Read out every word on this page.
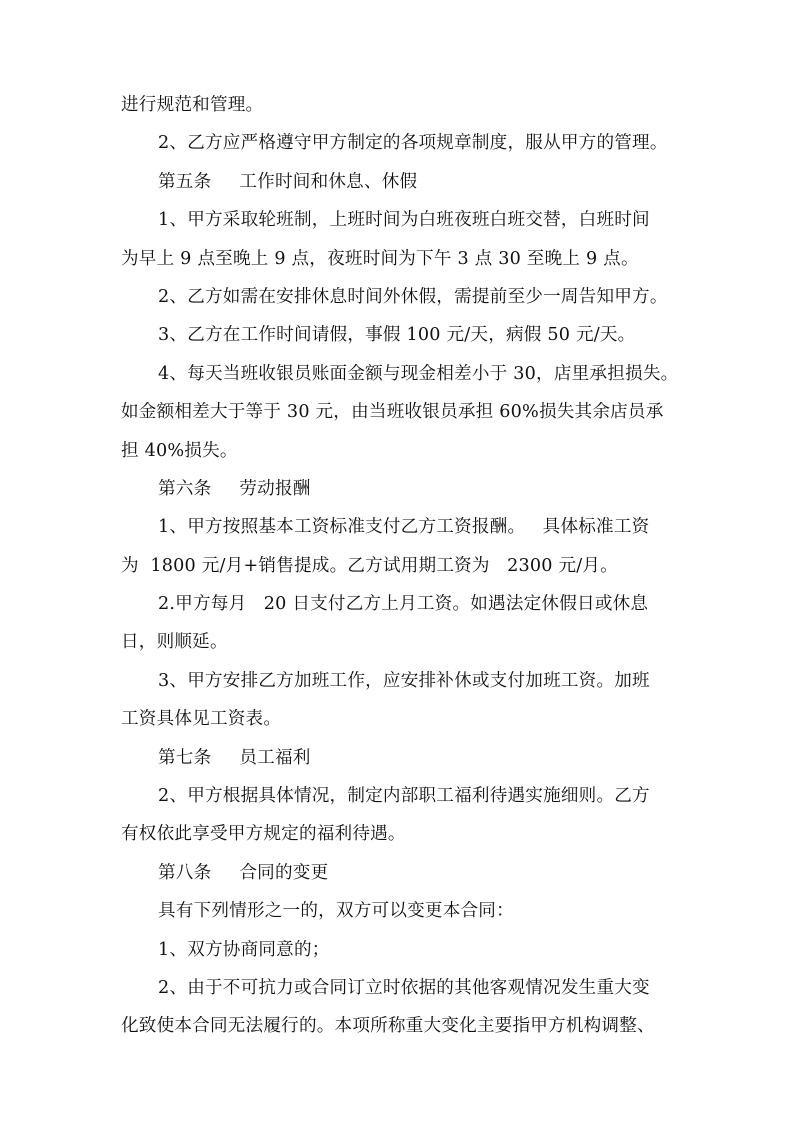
进行规范和管理。
2、乙方应严格遵守甲方制定的各项规章制度，服从甲方的管理。
第五条 工作时间和休息、休假
1、甲方采取轮班制，上班时间为白班夜班白班交替，白班时间
为早上 9 点至晚上 9 点，夜班时间为下午 3 点 30 至晚上 9 点。
2、乙方如需在安排休息时间外休假，需提前至少一周告知甲方。
3、乙方在工作时间请假，事假 100 元/天，病假 50 元/天。
4、每天当班收银员账面金额与现金相差小于 30，店里承担损失。
如金额相差大于等于 30 元，由当班收银员承担 60%损失其余店员承
担 40%损失。
第六条 劳动报酬
1、甲方按照基本工资标准支付乙方工资报酬。   具体标准工资
为  1800 元/月+销售提成。乙方试用期工资为   2300 元/月。
2.甲方每月   20 日支付乙方上月工资。如遇法定休假日或休息
日，则顺延。
3、甲方安排乙方加班工作，应安排补休或支付加班工资。加班
工资具体见工资表。
第七条 员工福利
2、甲方根据具体情况，制定内部职工福利待遇实施细则。乙方
有权依此享受甲方规定的福利待遇。
第八条 合同的变更
具有下列情形之一的，双方可以变更本合同：
1、双方协商同意的；
2、由于不可抗力或合同订立时依据的其他客观情况发生重大变
化致使本合同无法履行的。本项所称重大变化主要指甲方机构调整、
